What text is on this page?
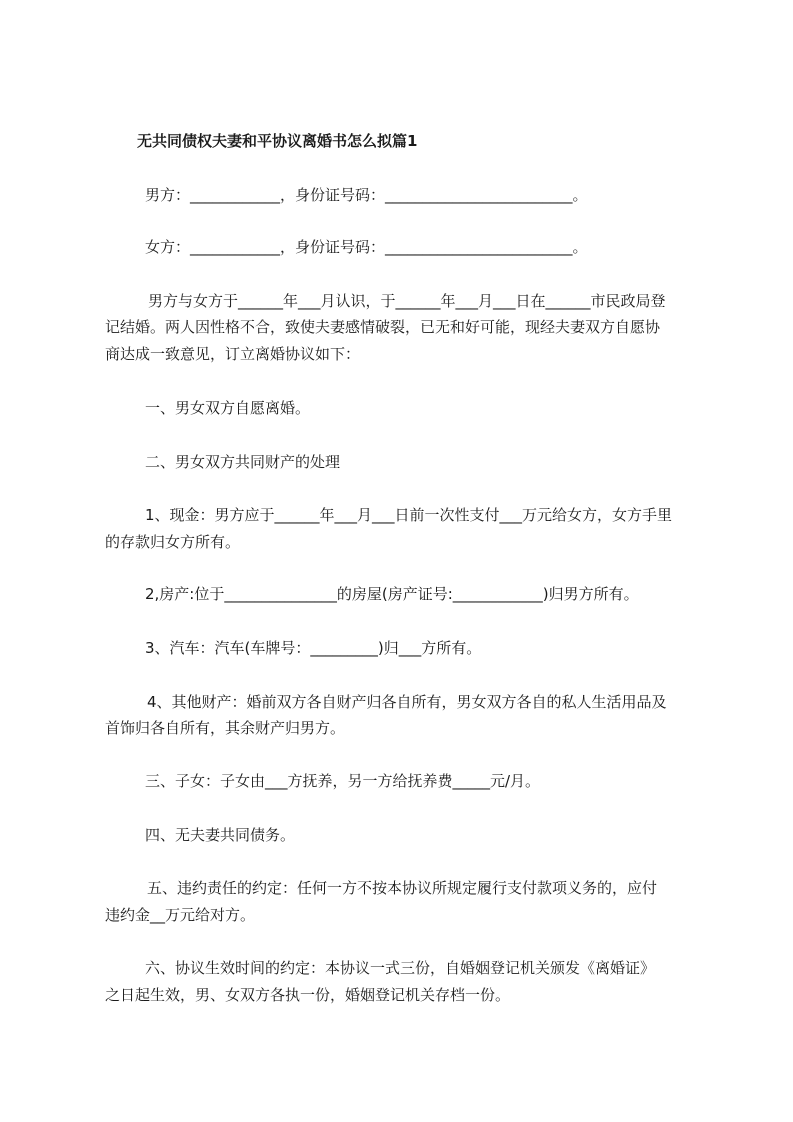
无共同债权夫妻和平协议离婚书怎么拟篇1
男方：____________，身份证号码：_________________________。
女方：____________，身份证号码：_________________________。
男方与女方于______年___月认识，于______年___月___日在______市民政局登
记结婚。两人因性格不合，致使夫妻感情破裂，已无和好可能，现经夫妻双方自愿协
商达成一致意见，订立离婚协议如下：
一、男女双方自愿离婚。
二、男女双方共同财产的处理
1、现金：男方应于______年___月___日前一次性支付___万元给女方，女方手里
的存款归女方所有。
2,房产:位于_______________的房屋(房产证号:____________)归男方所有。
3、汽车：汽车(车牌号：_________)归___方所有。
4、其他财产：婚前双方各自财产归各自所有，男女双方各自的私人生活用品及
首饰归各自所有，其余财产归男方。
三、子女：子女由___方抚养，另一方给抚养费_____元/月。
四、无夫妻共同债务。
五、违约责任的约定：任何一方不按本协议所规定履行支付款项义务的，应付
违约金__万元给对方。
六、协议生效时间的约定：本协议一式三份，自婚姻登记机关颁发《离婚证》
之日起生效，男、女双方各执一份，婚姻登记机关存档一份。
